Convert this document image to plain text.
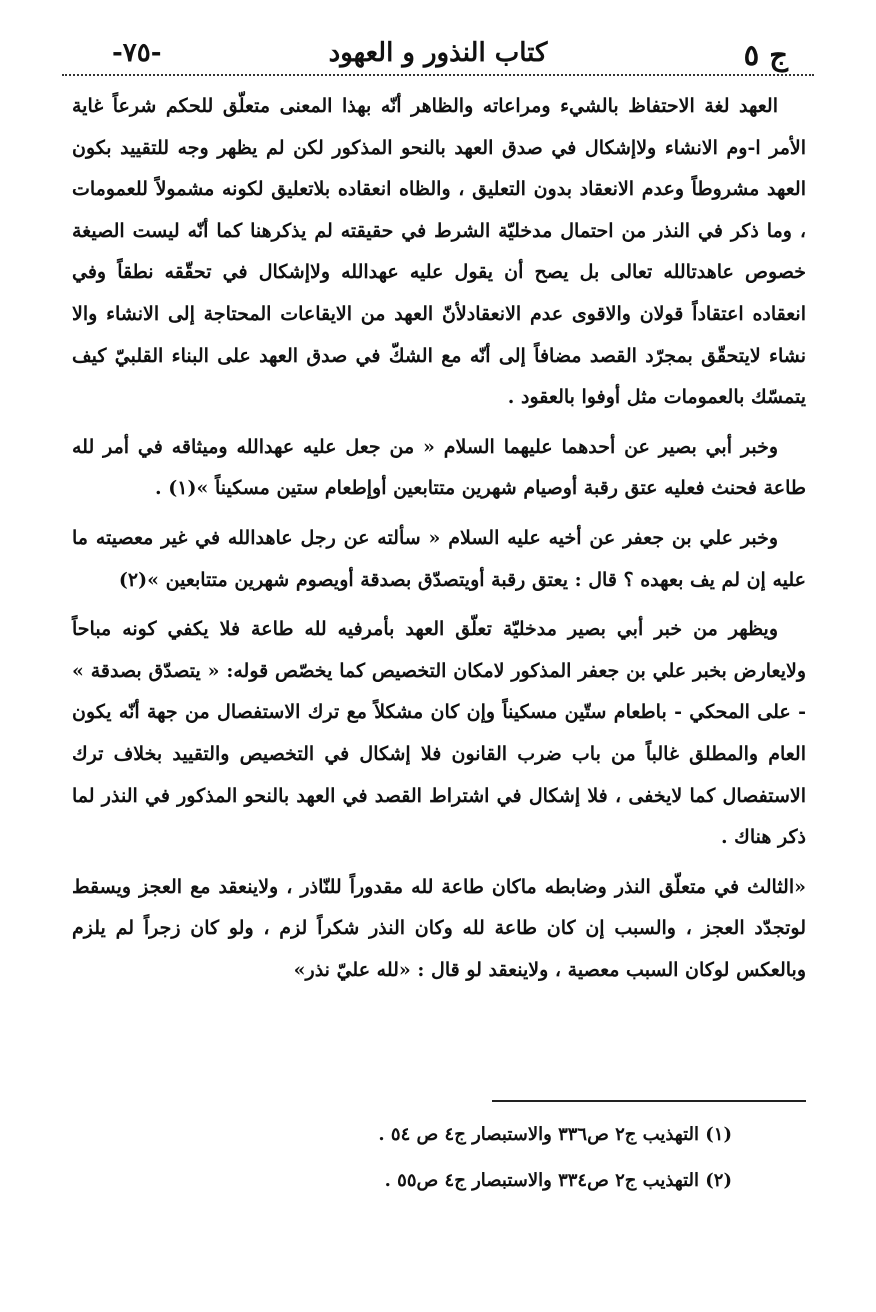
ج ٥
كتاب النذور و العهود
-٧٥-

العهد لغة الاحتفاظ بالشيء ومراعاته والظاهر أنّه بهذا المعنى متعلّق للحكم شرعاً غاية الأمر ا-وم الانشاء ولاإشكال في صدق العهد بالنحو المذكور لكن لم يظهر وجه للتقييد بكون العهد مشروطاً وعدم الانعقاد بدون التعليق ، والظاه انعقاده بلاتعليق لكونه مشمولاً للعمومات ، وما ذكر في النذر من احتمال مدخليّة الشرط في حقيقته لم يذكرهنا كما أنّه ليست الصيغة خصوص عاهدتالله تعالى بل يصح أن يقول عليه عهدالله ولاإشكال في تحقّقه نطقاً وفي انعقاده اعتقاداً قولان والاقوى عدم الانعقادلأنّ العهد من الايقاعات المحتاجة إلى الانشاء والا نشاء لايتحقّق بمجرّد القصد مضافاً إلى أنّه مع الشكّ في صدق العهد على البناء القلبيّ كيف يتمسّك بالعمومات مثل أوفوا بالعقود .

وخبر أبي بصير عن أحدهما عليهما السلام « من جعل عليه عهدالله وميثاقه في أمر لله طاعة فحنث فعليه عتق رقبة أوصيام شهرين متتابعين أوإطعام ستين مسكيناً »(١) .

وخبر علي بن جعفر عن أخيه عليه السلام « سألته عن رجل عاهدالله في غير معصيته ما عليه إن لم يف بعهده ؟ قال : يعتق رقبة أويتصدّق بصدقة أويصوم شهرين متتابعين »(٢)

ويظهر من خبر أبي بصير مدخليّة تعلّق العهد بأمرفيه لله طاعة فلا يكفي كونه مباحاً ولايعارض بخبر علي بن جعفر المذكور لامكان التخصيص كما يخصّص قوله: « يتصدّق بصدقة » - على المحكي - باطعام ستّين مسكيناً وإن كان مشكلاً مع ترك الاستفصال من جهة أنّه يكون العام والمطلق غالباً من باب ضرب القانون فلا إشكال في التخصيص والتقييد بخلاف ترك الاستفصال كما لايخفى ، فلا إشكال في اشتراط القصد في العهد بالنحو المذكور في النذر لما ذكر هناك .

«الثالث في متعلّق النذر وضابطه ماكان طاعة لله مقدوراً للنّاذر ، ولاينعقد مع العجز ويسقط لوتجدّد العجز ، والسبب إن كان طاعة لله وكان النذر شكراً لزم ، ولو كان زجراً لم يلزم وبالعكس لوكان السبب معصية ، ولاينعقد لو قال : «لله عليّ نذر»

(١) التهذيب ج٢ ص٣٣٦ والاستبصار ج٤ ص ٥٤ .

(٢) التهذيب ج٢ ص٣٣٤ والاستبصار ج٤ ص٥٥ .
